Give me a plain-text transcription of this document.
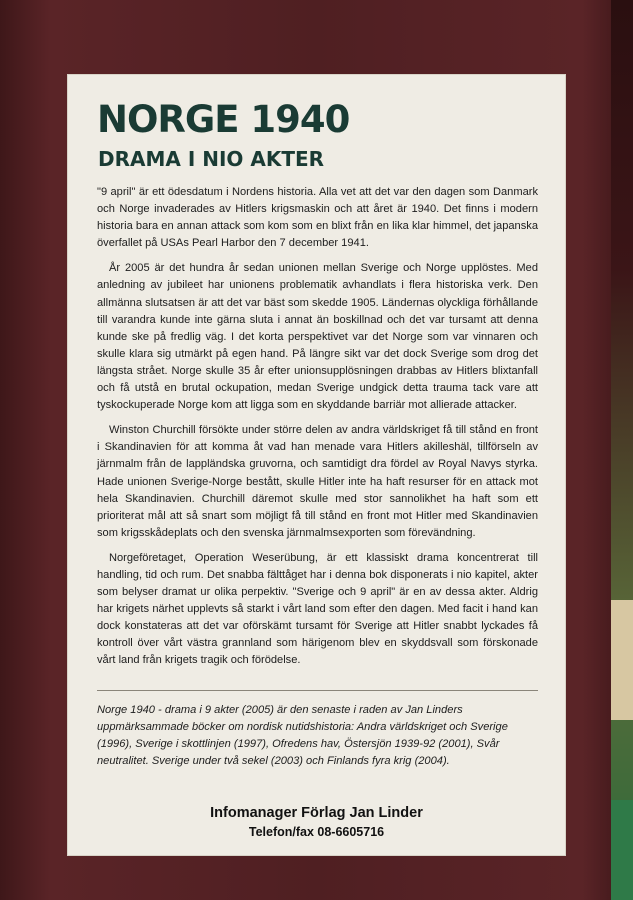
NORGE 1940
DRAMA I NIO AKTER

"9 april" är ett ödesdatum i Nordens historia. Alla vet att det var den dagen som Danmark och Norge invaderades av Hitlers krigsmaskin och att året är 1940. Det finns i modern historia bara en annan attack som kom som en blixt från en lika klar himmel, det japanska överfallet på USAs Pearl Harbor den 7 december 1941.

År 2005 är det hundra år sedan unionen mellan Sverige och Norge upplöstes. Med anledning av jubileet har unionens problematik avhandlats i flera historiska verk. Den allmänna slutsatsen är att det var bäst som skedde 1905. Ländernas olyckliga förhållande till varandra kunde inte gärna sluta i annat än boskillnad och det var tursamt att denna kunde ske på fredlig väg. I det korta perspektivet var det Norge som var vinnaren och skulle klara sig utmärkt på egen hand. På längre sikt var det dock Sverige som drog det längsta strået. Norge skulle 35 år efter unionsupplösningen drabbas av Hitlers blixtanfall och få utstå en brutal ockupation, medan Sverige undgick detta trauma tack vare att tyskockuperade Norge kom att ligga som en skyddande barriär mot allierade attacker.

Winston Churchill försökte under större delen av andra världskriget få till stånd en front i Skandinavien för att komma åt vad han menade vara Hitlers akilleshäl, tillförseln av järnmalm från de lappländska gruvorna, och samtidigt dra fördel av Royal Navys styrka. Hade unionen Sverige-Norge bestått, skulle Hitler inte ha haft resurser för en attack mot hela Skandinavien. Churchill däremot skulle med stor sannolikhet ha haft som ett prioriterat mål att så snart som möjligt få till stånd en front mot Hitler med Skandinavien som krigsskådeplats och den svenska järnmalmsexporten som förevändning.

Norgeföretaget, Operation Weserübung, är ett klassiskt drama koncentrerat till handling, tid och rum. Det snabba fälttåget har i denna bok disponerats i nio kapitel, akter som belyser dramat ur olika perpektiv. "Sverige och 9 april" är en av dessa akter. Aldrig har krigets närhet upplevts så starkt i vårt land som efter den dagen. Med facit i hand kan dock konstateras att det var oförskämt tursamt för Sverige att Hitler snabbt lyckades få kontroll över vårt västra grannland som härigenom blev en skyddsvall som förskonade vårt land från krigets tragik och förödelse.

Norge 1940 - drama i 9 akter (2005) är den senaste i raden av Jan Linders uppmärksammade böcker om nordisk nutidshistoria: Andra världskriget och Sverige (1996), Sverige i skottlinjen (1997), Ofredens hav, Östersjön 1939-92 (2001), Svår neutralitet. Sverige under två sekel (2003) och Finlands fyra krig (2004).

Infomanager Förlag Jan Linder

Telefon/fax 08-6605716
